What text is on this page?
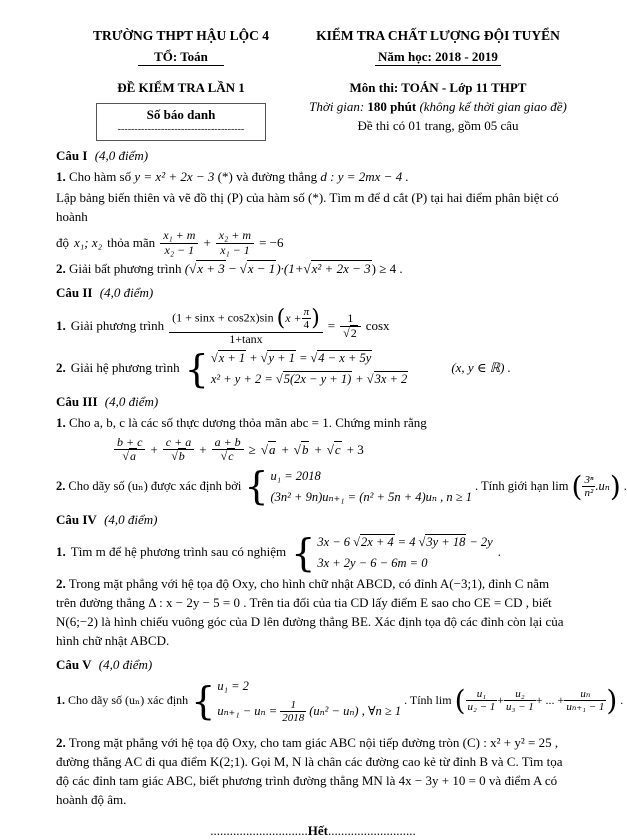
TRƯỜNG THPT HẬU LỘC 4
TỔ: Toán
ĐỀ KIỂM TRA LẦN 1
Số báo danh
--------------------------------------
KIỂM TRA CHẤT LƯỢNG ĐỘI TUYỂN
Năm học: 2018 - 2019
Môn thi: TOÁN - Lớp 11 THPT
Thời gian: 180 phút (không kể thời gian giao đề)
Đề thi có 01 trang, gồm 05 câu

Câu I (4,0 điểm)

1. Cho hàm số y = x² + 2x − 3 (*) và đường thẳng d : y = 2mx − 4 .

Lập bảng biến thiên và vẽ đồ thị (P) của hàm số (*). Tìm m để d cắt (P) tại hai điểm phân biệt có hoành

độ x₁; x₂ thỏa mãn $\frac{\text{x₁ + m}}{\text{x₂ − 1}} + \frac{\text{x₂ + m}}{\text{x₁ − 1}} = -6$

2. Giải bất phương trình ( √ x + 3 − √ x − 1)·(1+ √ x² + 2x − 3) ≥ 4 .

Câu II (4,0 điểm)

1. Giải phương trình
(1 + sinx + cos2x)sin ( $x + \frac{\pi}{4}$
)
1+tanx
= 1
√ 2 cosx
2. Giải hệ phương trình
√ { x + 1 + √ y + 1 = √ 4 − x + 5y
x² + y + 2 = √ 5(2x − y + 1) + √ 3x + 2
(x, y ∈ ℝ) .

Câu III (4,0 điểm)

1. Cho a, b, c là các số thực dương thỏa mãn abc = 1. Chứng minh rằng

b + c
√ a + c + a
√ b + a + b
√ c ≥	√ a +	√ b +	√ c + 3
2. Cho dãy số (uₙ) được xác định bởi
{ u₁ = 2018
(3n² + 9n)uₙ₊₁ = (n² + 5n + 4)uₙ , n ≥ 1
. Tính giới hạn lim ( $\frac{\text{3ⁿ}}{\text{n²}} .u_n$
) .

Câu IV (4,0 điểm)

1. Tìm m để hệ phương trình sau có nghiệm
{ 3x − 6 √ 2x + 4 = 4 √ 3y + 18 − 2y
3x + 2y − 6 − 6m = 0
.

2. Trong mặt phẳng với hệ tọa độ Oxy, cho hình chữ nhật ABCD, có đỉnh A(−3;1), đỉnh C nằm trên đường thẳng Δ : x − 2y − 5 = 0 . Trên tia đối của tia CD lấy điểm E sao cho CE = CD , biết N(6;−2) là hình chiếu vuông góc của D lên đường thẳng BE. Xác định tọa độ các đỉnh còn lại của hình chữ nhật ABCD.

Câu V (4,0 điểm)

1. Cho dãy số (uₙ) xác định
{ u₁ = 2
$u_{n+1} - u_n = \frac{1}{2018} (u_n^2 - u_n)$ , ∀n ≥ 1
. Tính lim ( $\frac{\text{u₁}}{\text{u₂ − 1}} + \frac{\text{u₂}}{\text{u₃ − 1}}$ + ... + $\frac{\text{uₙ}}{\text{uₙ₊₁ − 1}}$
) .

2. Trong mặt phẳng với hệ tọa độ Oxy, cho tam giác ABC nội tiếp đường tròn (C) : x² + y² = 25 , đường thẳng AC đi qua điểm K(2;1). Gọi M, N là chân các đường cao kẻ từ đỉnh B và C. Tìm tọa độ các đỉnh tam giác ABC, biết phương trình đường thẳng MN là 4x − 3y + 10 = 0 và điểm A có hoành độ âm.

..............................Hết...........................
